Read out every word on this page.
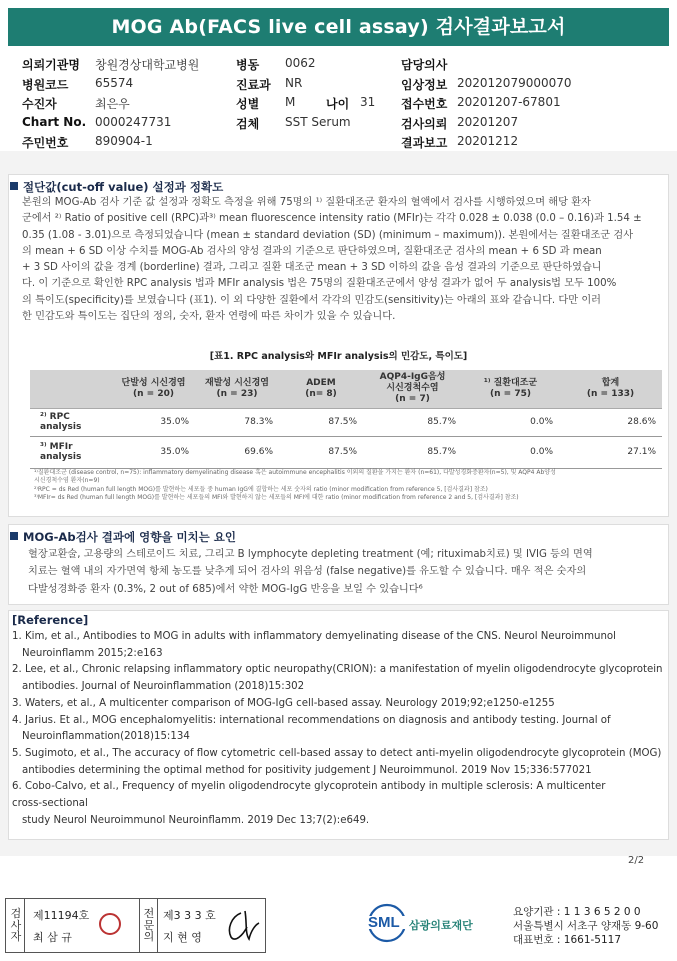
MOG Ab(FACS live cell assay) 검사결과보고서
의뢰기관명 창원경상대학교병원
병원코드 65574
수진자	최은우
Chart No. 0000247731
주민번호 890904-1
병동 0062
진료과 NR
성별 M	나이 31
검체 SST Serum
담당의사
임상정보 202012079000070
접수번호 20201207-67801
검사의뢰 20201207
결과보고 20201212
절단값(cut-off value) 설정과 정확도
본원의 MOG-Ab 검사 기준 값 설정과 정확도 측정을 위해 75명의 ¹⁾ 질환대조군 환자의 혈액에서 검사를 시행하였으며 해당 환자
군에서 ²⁾ Ratio of positive cell (RPC)과³⁾ mean fluorescence intensity ratio (MFIr)는 각각 0.028 ± 0.038 (0.0 – 0.16)과 1.54 ±
0.35 (1.08 - 3.01)으로 측정되었습니다 (mean ± standard deviation (SD) (minimum – maximum)). 본원에서는 질환대조군 검사
의 mean + 6 SD 이상 수치를 MOG-Ab 검사의 양성 결과의 기준으로 판단하였으며, 질환대조군 검사의 mean + 6 SD 과 mean
+ 3 SD 사이의 값을 경계 (borderline) 결과, 그리고 질환 대조군 mean + 3 SD 이하의 값을 음성 결과의 기준으로 판단하였습니
다. 이 기준으로 확인한 RPC analysis 법과 MFIr analysis 법은 75명의 질환대조군에서 양성 결과가 없어 두 analysis법 모두 100%
의 특이도(specificity)를 보였습니다 (표1). 이 외 다양한 질환에서 각각의 민감도(sensitivity)는 아래의 표와 같습니다. 다만 이러
한 민감도와 특이도는 집단의 정의, 숫자, 환자 연령에 따른 차이가 있을 수 있습니다.
[표1. RPC analysis와 MFIr analysis의 민감도, 특이도]
	단발성 시신경염
(n = 20)	재발성 시신경염
(n = 23)	ADEM
(n= 8)	AQP4-IgG음성
시신경척수염
(n = 7)	¹⁾ 질환대조군
(n = 75)	합계
(n = 133)
²⁾ RPC analysis	35.0%	78.3%	87.5%	85.7%	0.0%	28.6%
³⁾ MFIr analysis	35.0%	69.6%	87.5%	85.7%	0.0%	27.1%
¹⁾질환대조군 (disease control, n=75): inflammatory demyelinating disease 혹은 autoimmune encephalitis 이외의 질환을 가지는 환자 (n=61), 다발성경화증환자(n=5), 및 AQP4 Ab양성
시신경척수염 환자(n=9)
²⁾RPC = ds Red (human full length MOG)를 발현하는 세포들 중 human IgG에 결합하는 세포 숫자의 ratio (minor modification from reference 5, [검사결과] 참조)
³⁾MFIr= ds Red (human full length MOG)를 발현하는 세포들의 MFI와 발현하지 않는 세포들의 MFI에 대한 ratio (minor modification from reference 2 and 5, [검사결과] 참조)
MOG-Ab검사 결과에 영향을 미치는 요인
혈장교환술, 고용량의 스테로이드 치료, 그리고 B lymphocyte depleting treatment (예; rituximab치료) 및 IVIG 등의 면역
치료는 혈액 내의 자가면역 항체 농도를 낮추게 되어 검사의 위음성 (false negative)를 유도할 수 있습니다. 매우 적은 숫자의
다발성경화증 환자 (0.3%, 2 out of 685)에서 약한 MOG-IgG 반응을 보일 수 있습니다⁶
[Reference]
1. Kim, et al., Antibodies to MOG in adults with inflammatory demyelinating disease of the CNS. Neurol Neuroimmunol
Neuroinflamm 2015;2:e163
2. Lee, et al., Chronic relapsing inflammatory optic neuropathy(CRION): a manifestation of myelin oligodendrocyte glycoprotein
antibodies. Journal of Neuroinflammation (2018)15:302
3. Waters, et al., A multicenter comparison of MOG-IgG cell-based assay. Neurology 2019;92;e1250-e1255
4. Jarius. Et al., MOG encephalomyelitis: international recommendations on diagnosis and antibody testing. Journal of
Neuroinflammation(2018)15:134
5. Sugimoto, et al., The accuracy of flow cytometric cell-based assay to detect anti-myelin oligodendrocyte glycoprotein (MOG)
antibodies determining the optimal method for positivity judgement J Neuroimmunol. 2019 Nov 15;336:577021
6. Cobo-Calvo, et al., Frequency of myelin oligodendrocyte glycoprotein antibody in multiple sclerosis: A multicenter
cross-sectional
study Neurol Neuroimmunol Neuroinflamm. 2019 Dec 13;7(2):e649.
2/2
검사자
제11194호
최 삼 규
전문의
제3 3 3 호
지 현 영
SML 삼광의료재단
요양기관 : 1 1 3 6 5 2 0 0
서울특별시 서초구 양재동 9-60
대표번호 : 1661-5117
